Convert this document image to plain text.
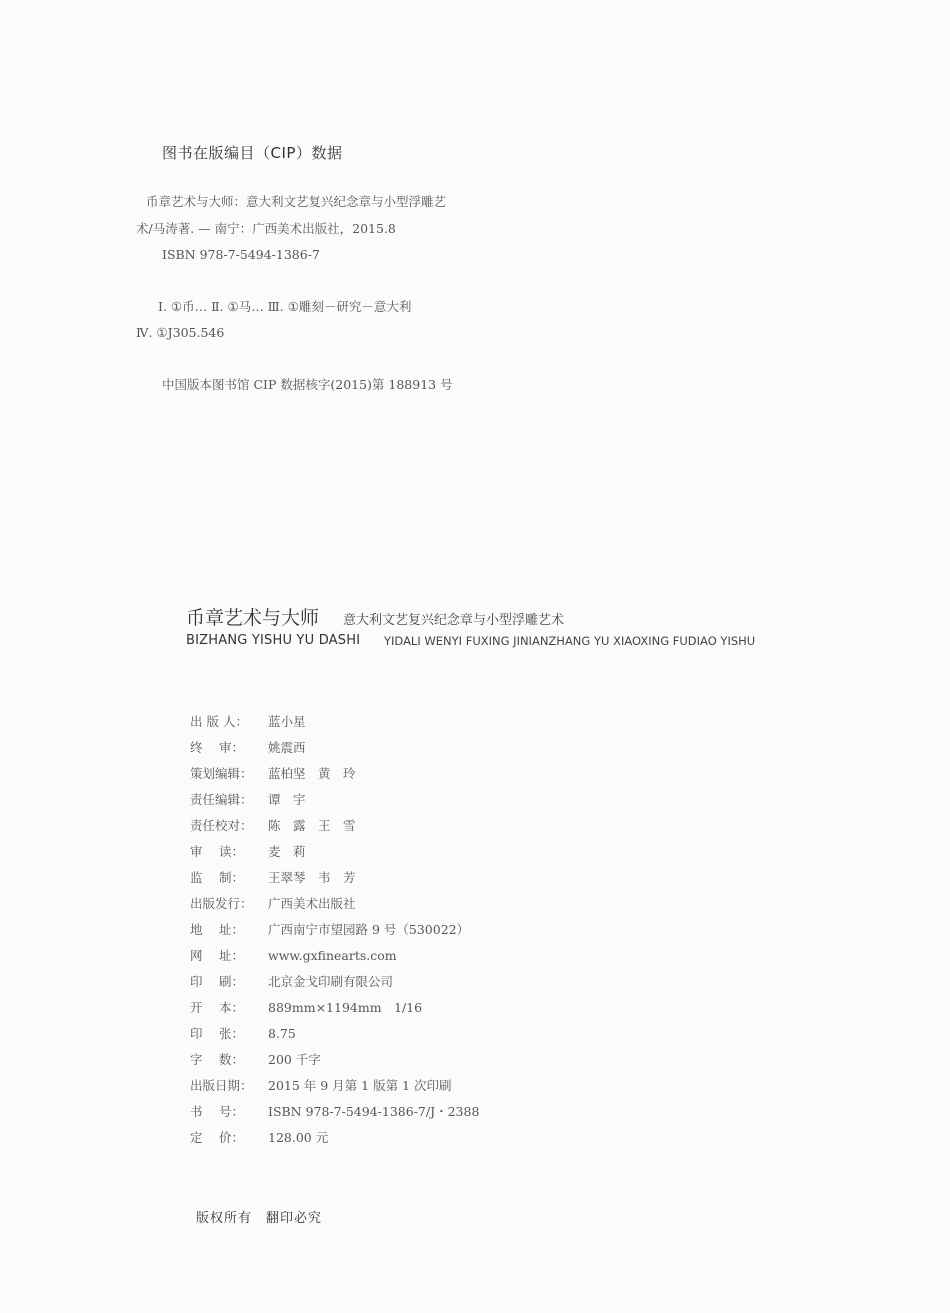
图书在版编目（CIP）数据
币章艺术与大师：意大利文艺复兴纪念章与小型浮雕艺
术/马涛著. — 南宁：广西美术出版社，2015.8
ISBN 978-7-5494-1386-7
Ⅰ. ①币… Ⅱ. ①马… Ⅲ. ①雕刻－研究－意大利
Ⅳ. ①J305.546
中国版本图书馆 CIP 数据核字(2015)第 188913 号
币章艺术与大师 意大利文艺复兴纪念章与小型浮雕艺术
BIZHANG YISHU YU DASHI YIDALI WENYI FUXING JINIANZHANG YU XIAOXING FUDIAO YISHU
出 版 人： 蓝小星
终　 审： 姚震西
策划编辑： 蓝柏坚　黄　玲
责任编辑： 谭　宇
责任校对： 陈　露　王　雪
审　 读： 麦　莉
监　 制： 王翠琴　韦　芳
出版发行： 广西美术出版社
地　 址： 广西南宁市望园路 9 号（530022）
网　 址： www.gxfinearts.com
印　 刷： 北京金戈印刷有限公司
开　 本： 889mm×1194mm　1/16
印　 张： 8.75
字　 数： 200 千字
出版日期： 2015 年 9 月第 1 版第 1 次印刷
书　 号： ISBN 978-7-5494-1386-7/J・2388
定　 价： 128.00 元
版权所有　翻印必究
